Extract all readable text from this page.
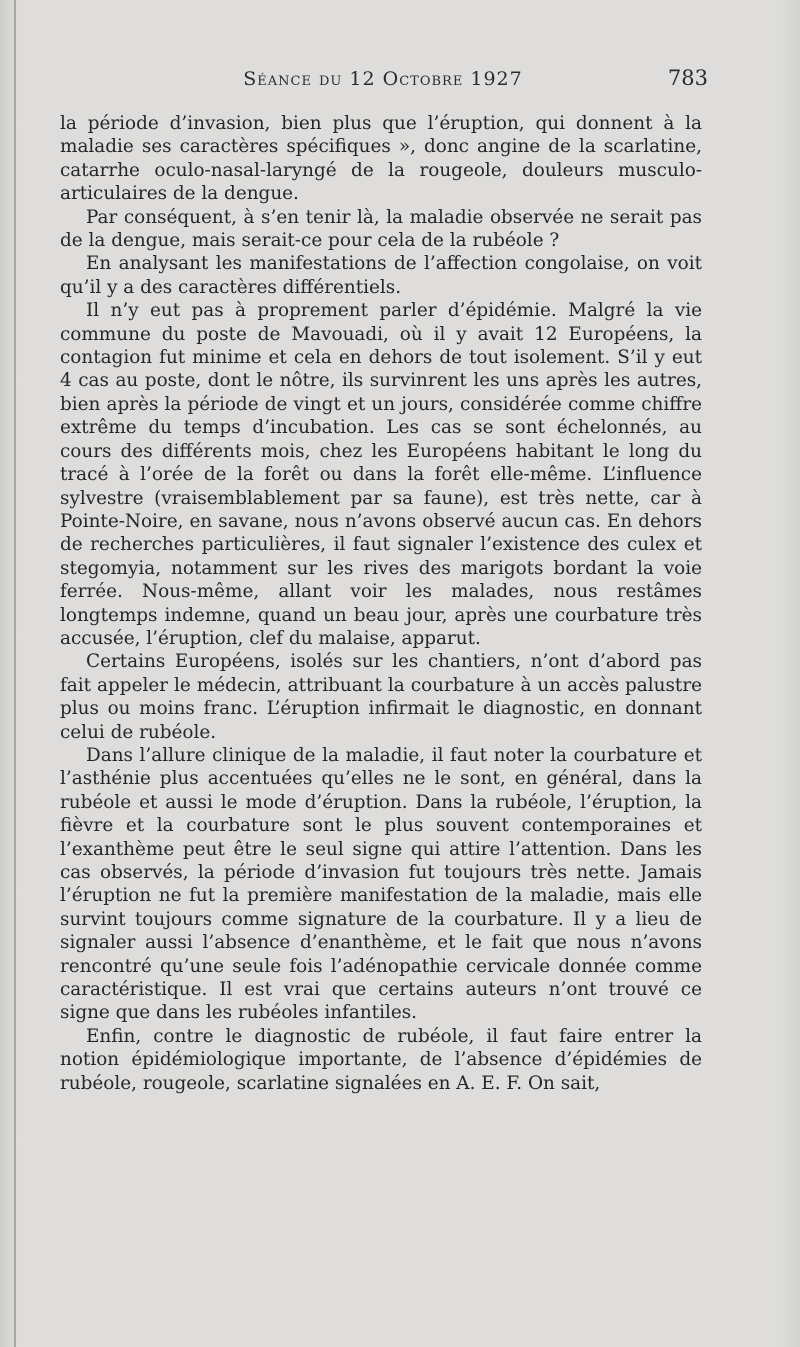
Séance du 12 Octobre 1927	783

la période d’invasion, bien plus que l’éruption, qui donnent à la maladie ses caractères spécifiques », donc angine de la scarlatine, catarrhe oculo-nasal-laryngé de la rougeole, douleurs musculo-articulaires de la dengue.

Par conséquent, à s’en tenir là, la maladie observée ne serait pas de la dengue, mais serait-ce pour cela de la rubéole ?

En analysant les manifestations de l’affection congolaise, on voit qu’il y a des caractères différentiels.

Il n’y eut pas à proprement parler d’épidémie. Malgré la vie commune du poste de Mavouadi, où il y avait 12 Européens, la contagion fut minime et cela en dehors de tout isolement. S’il y eut 4 cas au poste, dont le nôtre, ils survinrent les uns après les autres, bien après la période de vingt et un jours, considérée comme chiffre extrême du temps d’incubation. Les cas se sont échelonnés, au cours des différents mois, chez les Européens habitant le long du tracé à l’orée de la forêt ou dans la forêt elle-même. L’influence sylvestre (vraisemblablement par sa faune), est très nette, car à Pointe-Noire, en savane, nous n’avons observé aucun cas. En dehors de recherches particulières, il faut signaler l’existence des culex et stegomyia, notamment sur les rives des marigots bordant la voie ferrée. Nous-même, allant voir les malades, nous restâmes longtemps indemne, quand un beau jour, après une courbature très accusée, l’éruption, clef du malaise, apparut.

Certains Européens, isolés sur les chantiers, n’ont d’abord pas fait appeler le médecin, attribuant la courbature à un accès palustre plus ou moins franc. L’éruption infirmait le diagnostic, en donnant celui de rubéole.

Dans l’allure clinique de la maladie, il faut noter la courbature et l’asthénie plus accentuées qu’elles ne le sont, en général, dans la rubéole et aussi le mode d’éruption. Dans la rubéole, l’éruption, la fièvre et la courbature sont le plus souvent contemporaines et l’exanthème peut être le seul signe qui attire l’attention. Dans les cas observés, la période d’invasion fut toujours très nette. Jamais l’éruption ne fut la première manifestation de la maladie, mais elle survint toujours comme signature de la courbature. Il y a lieu de signaler aussi l’absence d’enanthème, et le fait que nous n’avons rencontré qu’une seule fois l’adénopathie cervicale donnée comme caractéristique. Il est vrai que certains auteurs n’ont trouvé ce signe que dans les rubéoles infantiles.

Enfin, contre le diagnostic de rubéole, il faut faire entrer la notion épidémiologique importante, de l’absence d’épidémies de rubéole, rougeole, scarlatine signalées en A. E. F. On sait,
